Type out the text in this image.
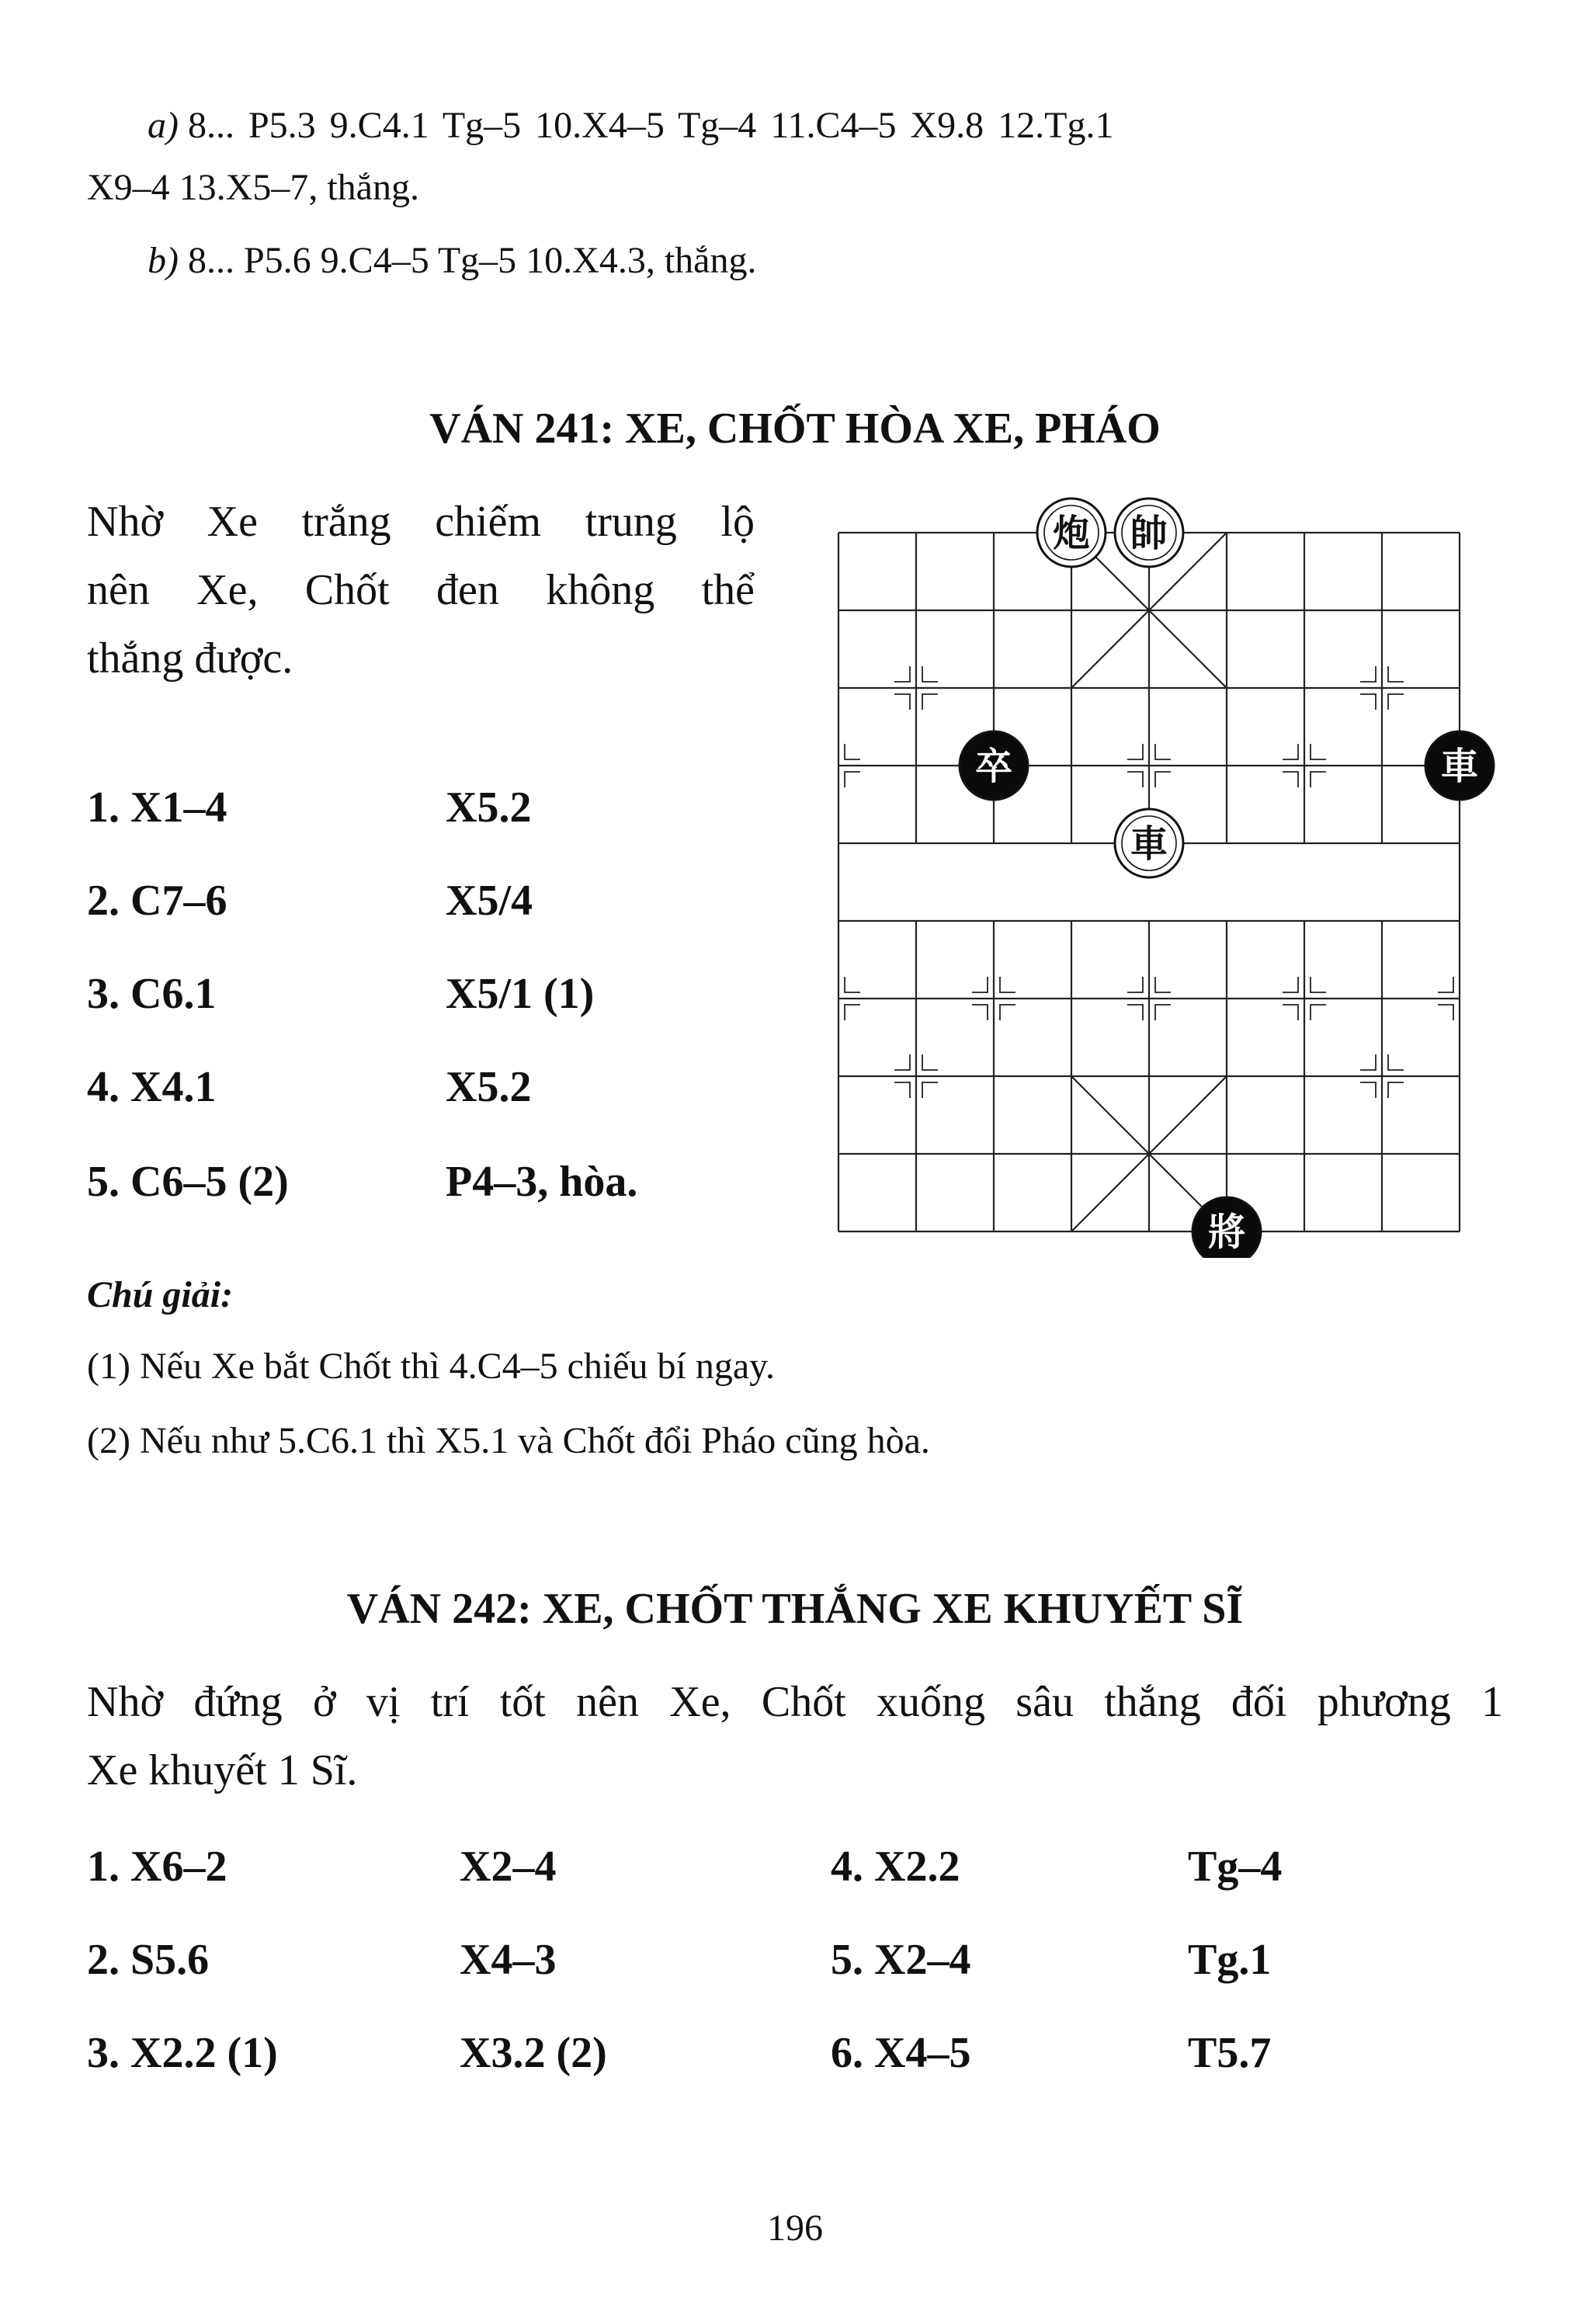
a) 8... P5.3 9.C4.1 Tg–5 10.X4–5 Tg–4 11.C4–5 X9.8 12.Tg.1
X9–4 13.X5–7, thắng.
b) 8... P5.6 9.C4–5 Tg–5 10.X4.3, thắng.
VÁN 241: XE, CHỐT HÒA XE, PHÁO
Nhờ Xe trắng chiếm trung lộ
nên Xe, Chốt đen không thể
thắng được.
1. X1–4	X5.2
2. C7–6	X5/4
3. C6.1	X5/1 (1)
4. X4.1	X5.2
5. C6–5 (2)	P4–3, hòa.
炮 帥
卒	車
車
將
Chú giải:
(1) Nếu Xe bắt Chốt thì 4.C4–5 chiếu bí ngay.
(2) Nếu như 5.C6.1 thì X5.1 và Chốt đổi Pháo cũng hòa.
VÁN 242: XE, CHỐT THẮNG XE KHUYẾT SĨ
Nhờ đứng ở vị trí tốt nên Xe, Chốt xuống sâu thắng đối phương 1
Xe khuyết 1 Sĩ.
1. X6–2	X2–4	4. X2.2	Tg–4
2. S5.6	X4–3	5. X2–4	Tg.1
3. X2.2 (1)	X3.2 (2)	6. X4–5	T5.7
196
